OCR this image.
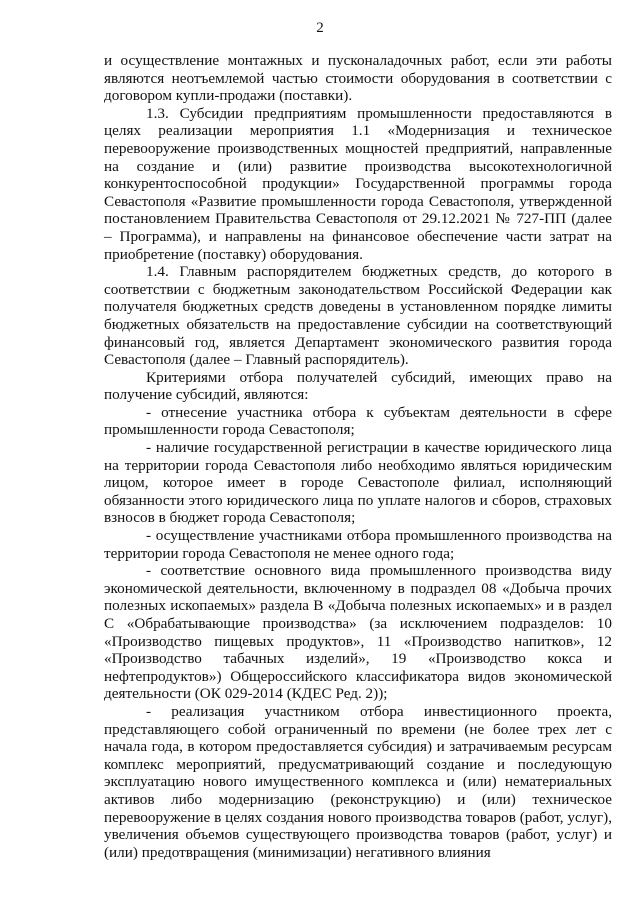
2

и осуществление монтажных и пусконаладочных работ, если эти работы являются неотъемлемой частью стоимости оборудования в соответствии с договором купли-продажи (поставки).

1.3. Субсидии предприятиям промышленности предоставляются в целях реализации мероприятия 1.1 «Модернизация и техническое перевооружение производственных мощностей предприятий, направленные на создание и (или) развитие производства высокотехнологичной конкурентоспособной продукции» Государственной программы города Севастополя «Развитие промышленности города Севастополя, утвержденной постановлением Правительства Севастополя от 29.12.2021 № 727-ПП (далее – Программа), и направлены на финансовое обеспечение части затрат на приобретение (поставку) оборудования.

1.4. Главным распорядителем бюджетных средств, до которого в соответствии с бюджетным законодательством Российской Федерации как получателя бюджетных средств доведены в установленном порядке лимиты бюджетных обязательств на предоставление субсидии на соответствующий финансовый год, является Департамент экономического развития города Севастополя (далее – Главный распорядитель).

Критериями отбора получателей субсидий, имеющих право на получение субсидий, являются:

- отнесение участника отбора к субъектам деятельности в сфере промышленности города Севастополя;

- наличие государственной регистрации в качестве юридического лица на территории города Севастополя либо необходимо являться юридическим лицом, которое имеет в городе Севастополе филиал, исполняющий обязанности этого юридического лица по уплате налогов и сборов, страховых взносов в бюджет города Севастополя;

- осуществление участниками отбора промышленного производства на территории города Севастополя не менее одного года;

- соответствие основного вида промышленного производства виду экономической деятельности, включенному в подраздел 08 «Добыча прочих полезных ископаемых» раздела В «Добыча полезных ископаемых» и в раздел С «Обрабатывающие производства» (за исключением подразделов: 10 «Производство пищевых продуктов», 11 «Производство напитков», 12 «Производство табачных изделий», 19 «Производство кокса и нефтепродуктов») Общероссийского классификатора видов экономической деятельности (ОК 029-2014 (КДЕС Ред. 2));

- реализация участником отбора инвестиционного проекта, представляющего собой ограниченный по времени (не более трех лет с начала года, в котором предоставляется субсидия) и затрачиваемым ресурсам комплекс мероприятий, предусматривающий создание и последующую эксплуатацию нового имущественного комплекса и (или) нематериальных активов либо модернизацию (реконструкцию) и (или) техническое перевооружение в целях создания нового производства товаров (работ, услуг), увеличения объемов существующего производства товаров (работ, услуг) и (или) предотвращения (минимизации) негативного влияния
